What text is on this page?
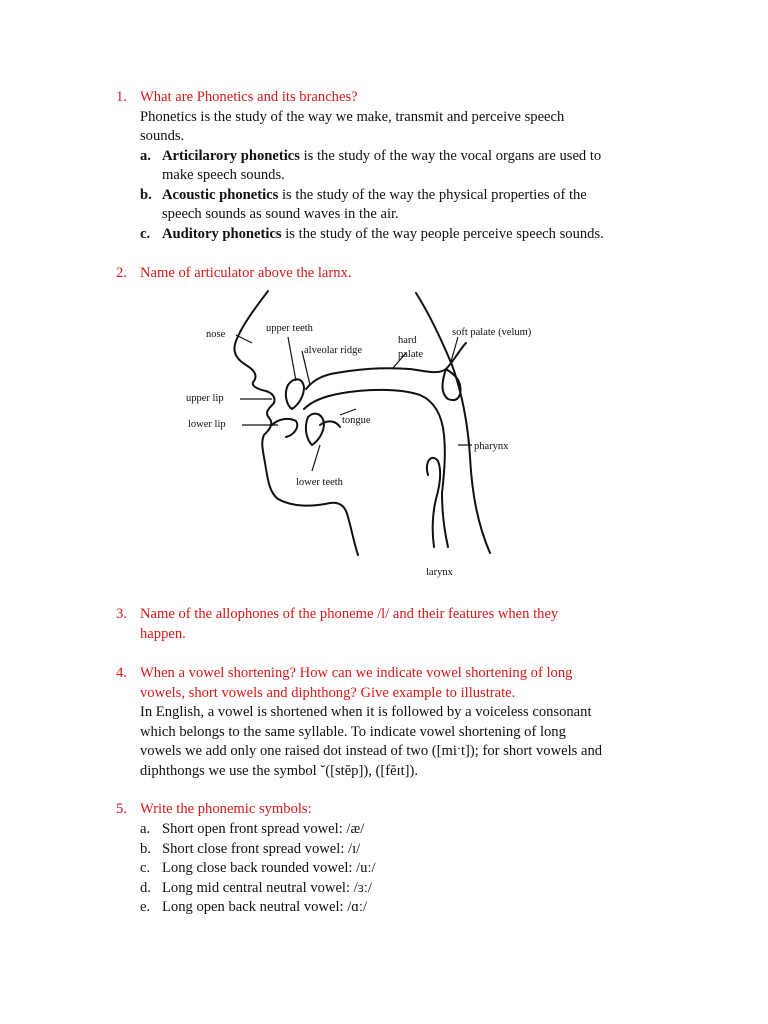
1. What are Phonetics and its branches?
Phonetics is the study of the way we make, transmit and perceive speech
sounds.
a. Articilarory phonetics is the study of the way the vocal organs are used to
make speech sounds.
b. Acoustic phonetics is the study of the way the physical properties of the
speech sounds as sound waves in the air.
c. Auditory phonetics is the study of the way people perceive speech sounds.
2. Name of articulator above the larnx.
nose
upper teeth
alveolar ridge
hard
palate
soft palate (velum)
upper lip
lower lip	tongue
pharynx
lower teeth
larynx
3. Name of the allophones of the phoneme /l/ and their features when they
happen.
4. When a vowel shortening? How can we indicate vowel shortening of long
vowels, short vowels and diphthong? Give example to illustrate.
In English, a vowel is shortened when it is followed by a voiceless consonant
which belongs to the same syllable. To indicate vowel shortening of long
vowels we add only one raised dot instead of two ([miˑt]); for short vowels and
diphthongs we use the symbol ˘([stĕp]), ([fĕɪt]).
5. Write the phonemic symbols:
a. Short open front spread vowel: /æ/
b. Short close front spread vowel: /ɪ/
c. Long close back rounded vowel: /uː/
d. Long mid central neutral vowel: /ɜː/
e. Long open back neutral vowel: /ɑː/
